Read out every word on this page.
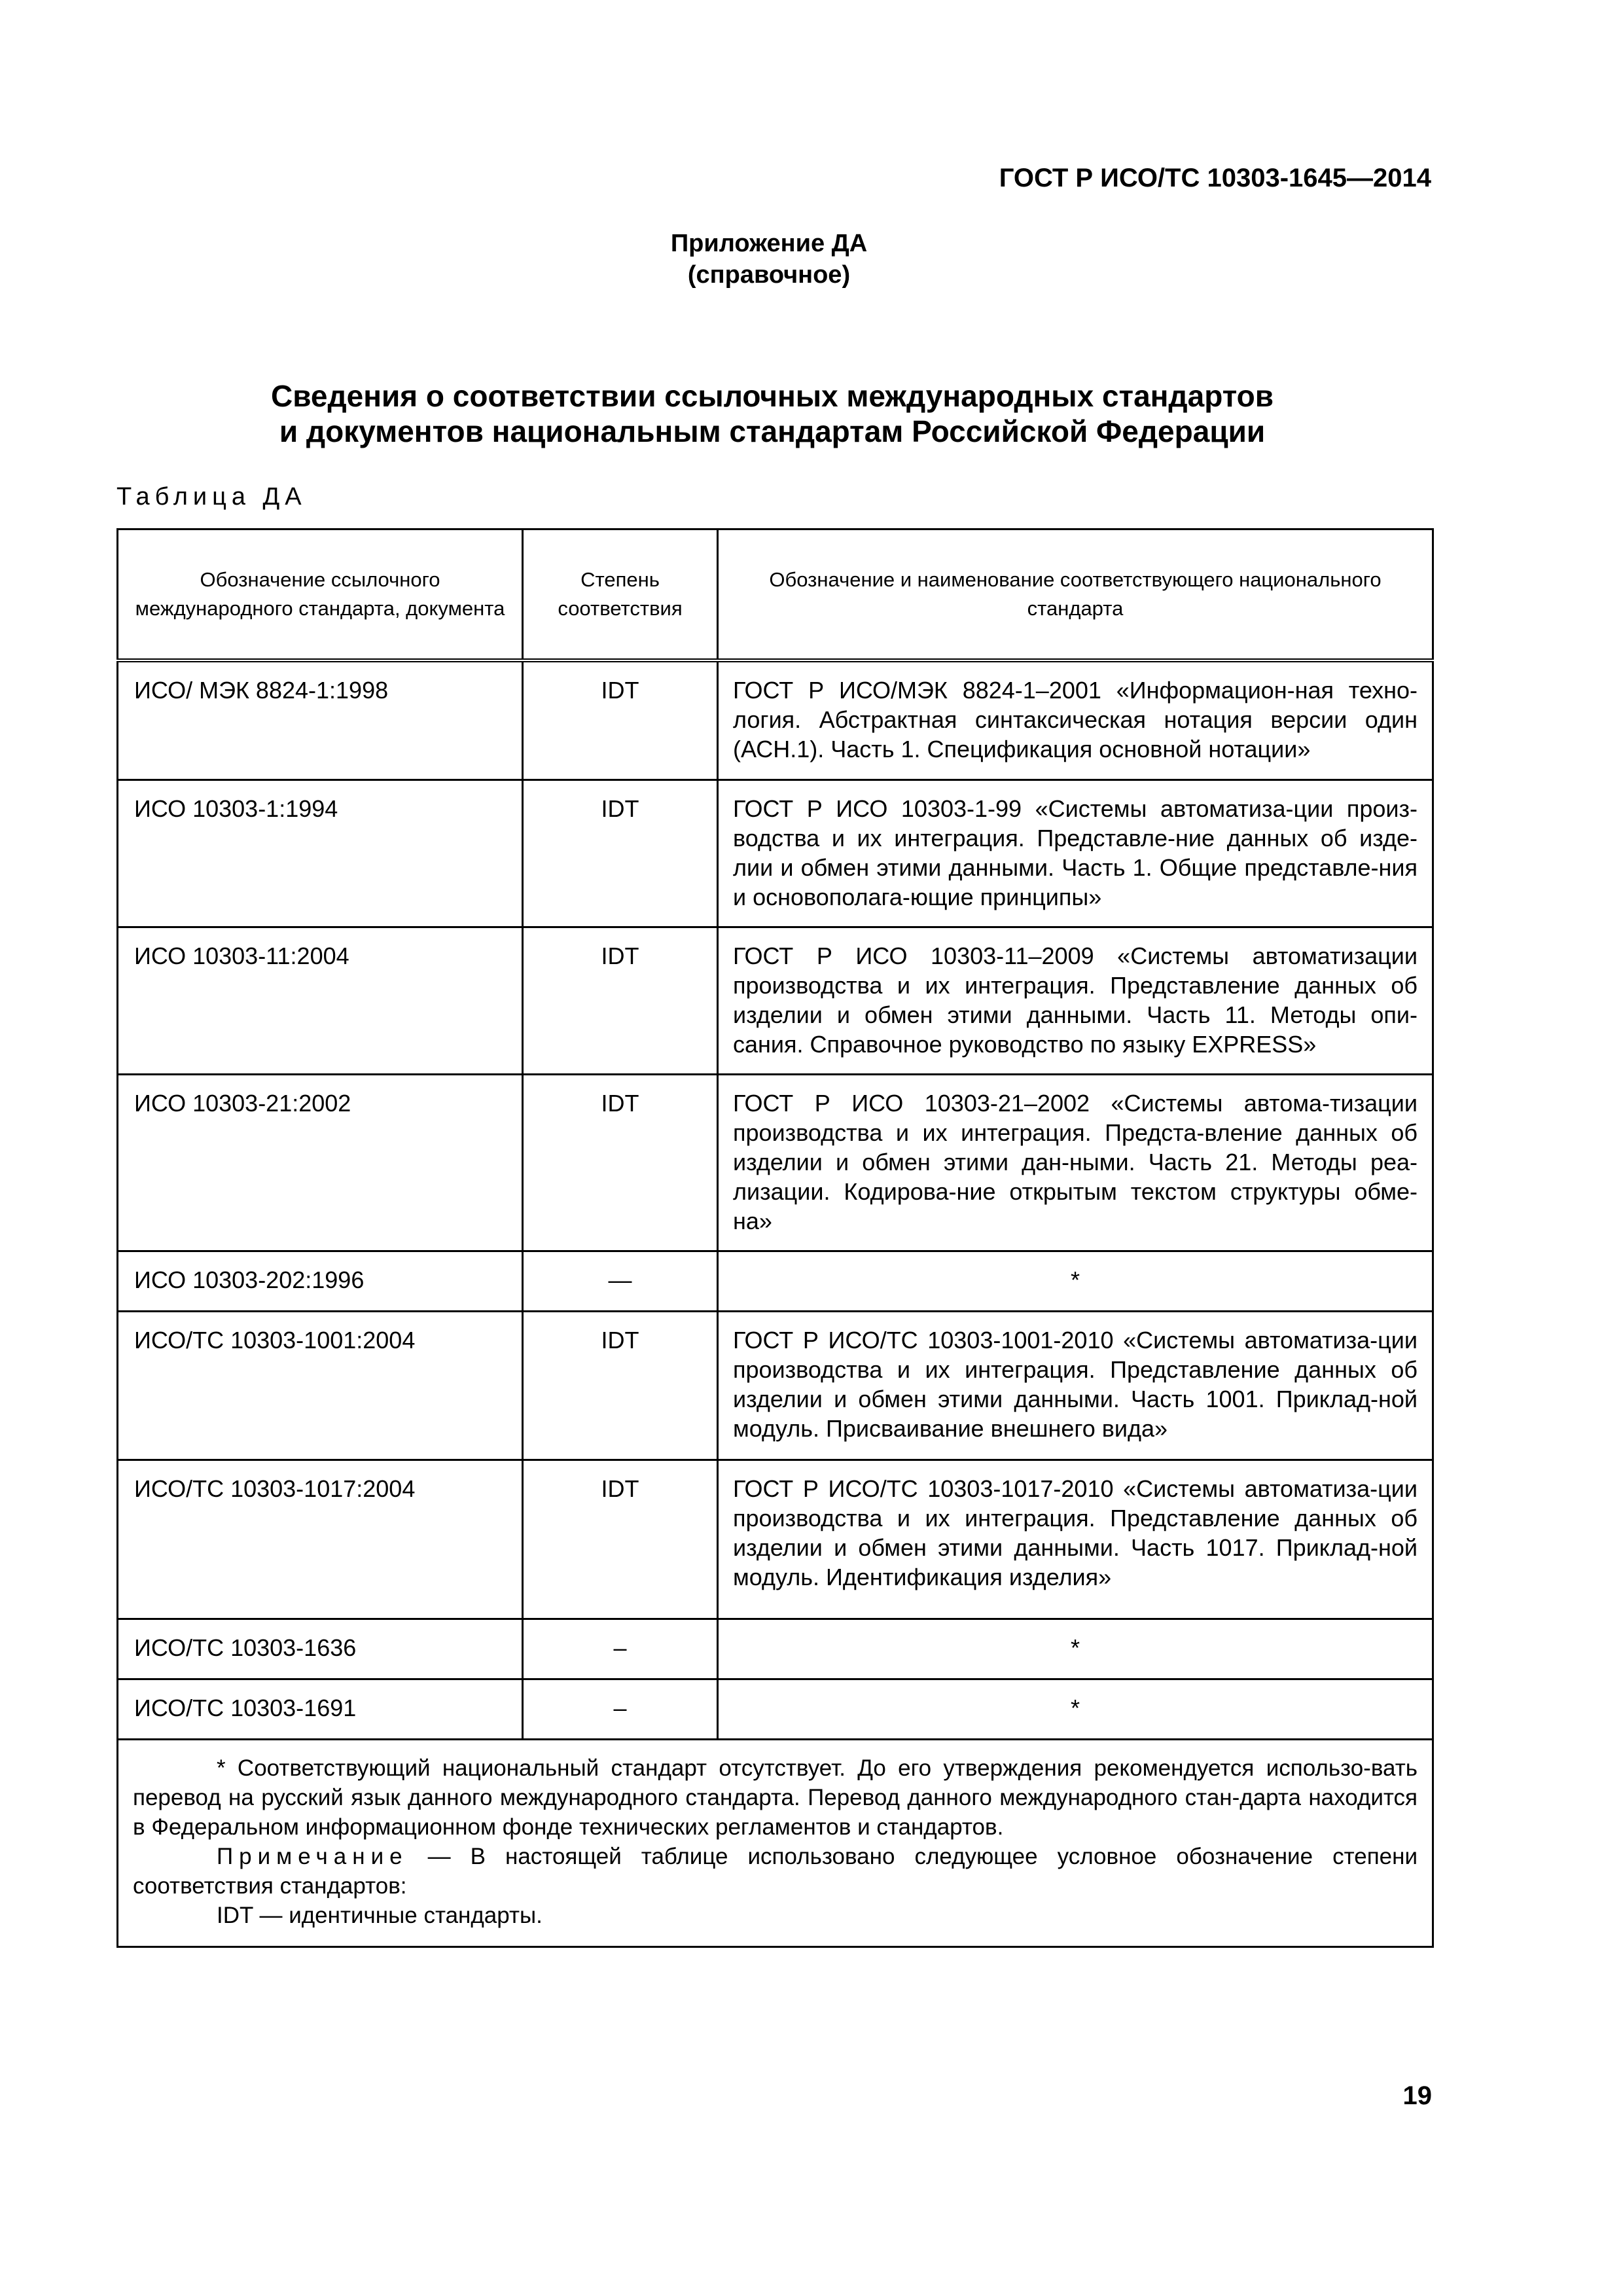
ГОСТ Р ИСО/ТС 10303-1645—2014
Приложение ДА
(справочное)
Сведения о соответствии ссылочных международных стандартов
и документов национальным стандартам Российской Федерации
Таблица ДА
Обозначение ссылочного международного стандарта, документа	Степень соответствия	Обозначение и наименование соответствующего национального стандарта
ИСО/ МЭК 8824-1:1998	IDT	ГОСТ Р ИСО/МЭК 8824-1–2001 «Информацион-ная техно-логия. Абстрактная синтаксическая нотация версии один (АСН.1). Часть 1. Спецификация основной нотации»
ИСО 10303-1:1994	IDT	ГОСТ Р ИСО 10303-1-99 «Системы автоматиза-ции произ-водства и их интеграция. Представле-ние данных об изде-лии и обмен этими данными. Часть 1. Общие представле-ния и основополага-ющие принципы»
ИСО 10303-11:2004	IDT	ГОСТ Р ИСО 10303-11–2009 «Системы автоматизации производства и их интеграция. Представление данных об изделии и обмен этими данными. Часть 11. Методы опи-сания. Справочное руководство по языку EXPRESS»
ИСО 10303-21:2002	IDT	ГОСТ Р ИСО 10303-21–2002 «Системы автома-тизации производства и их интеграция. Предста-вление данных об изделии и обмен этими дан-ными. Часть 21. Методы реа-лизации. Кодирова-ние открытым текстом структуры обме-на»
ИСО 10303-202:1996	—	*
ИСО/ТС 10303-1001:2004	IDT	ГОСТ Р ИСО/ТС 10303-1001-2010 «Системы автоматиза-ции производства и их интеграция. Представление данных об изделии и обмен этими данными. Часть 1001. Приклад-ной модуль. Присваивание внешнего вида»
ИСО/ТС 10303-1017:2004	IDT	ГОСТ Р ИСО/ТС 10303-1017-2010 «Системы автоматиза-ции производства и их интеграция. Представление данных об изделии и обмен этими данными. Часть 1017. Приклад-ной модуль. Идентификация изделия»
ИСО/ТС 10303-1636	–	*
ИСО/ТС 10303-1691	–	*

* Соответствующий национальный стандарт отсутствует. До его утверждения рекомендуется использо-вать перевод на русский язык данного международного стандарта. Перевод данного международного стан-дарта находится в Федеральном информационном фонде технических регламентов и стандартов.

Примечание — В настоящей таблице использовано следующее условное обозначение степени соответствия стандартов:

IDT — идентичные стандарты.		

19
